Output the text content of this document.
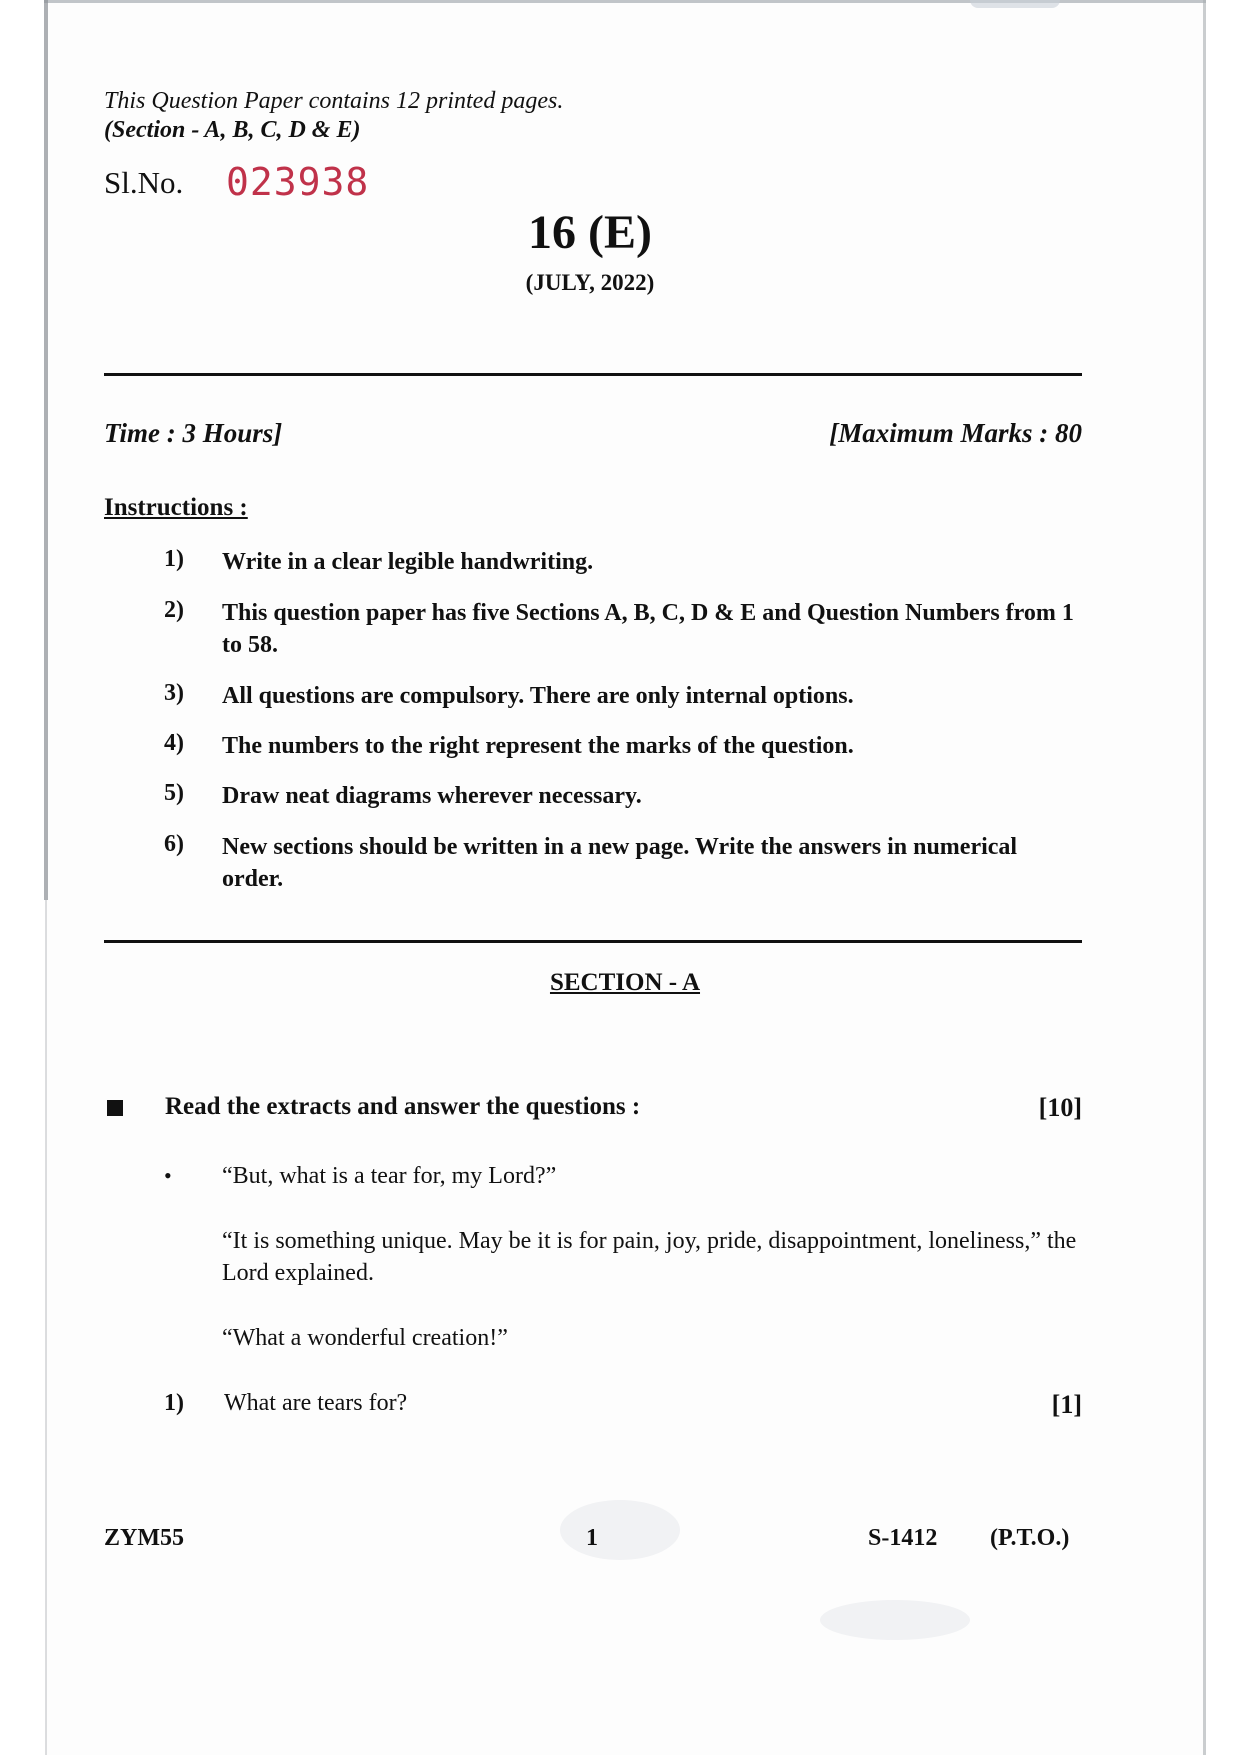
This Question Paper contains 12 printed pages.
(Section - A, B, C, D & E)
Sl.No. 023938
16 (E)
(JULY, 2022)
Time : 3 Hours]	[Maximum Marks : 80
Instructions :
1) Write in a clear legible handwriting.
2) This question paper has five Sections A, B, C, D & E and Question Numbers from 1 to 58.
3) All questions are compulsory. There are only internal options.
4) The numbers to the right represent the marks of the question.
5) Draw neat diagrams wherever necessary.
6) New sections should be written in a new page. Write the answers in numerical order.
SECTION - A
Read the extracts and answer the questions :	[10]
• “But, what is a tear for, my Lord?”
“It is something unique. May be it is for pain, joy, pride, disappointment, loneliness,” the Lord explained.
“What a wonderful creation!”
1) What are tears for?	[1]
ZYM55	1	S-1412 (P.T.O.)
